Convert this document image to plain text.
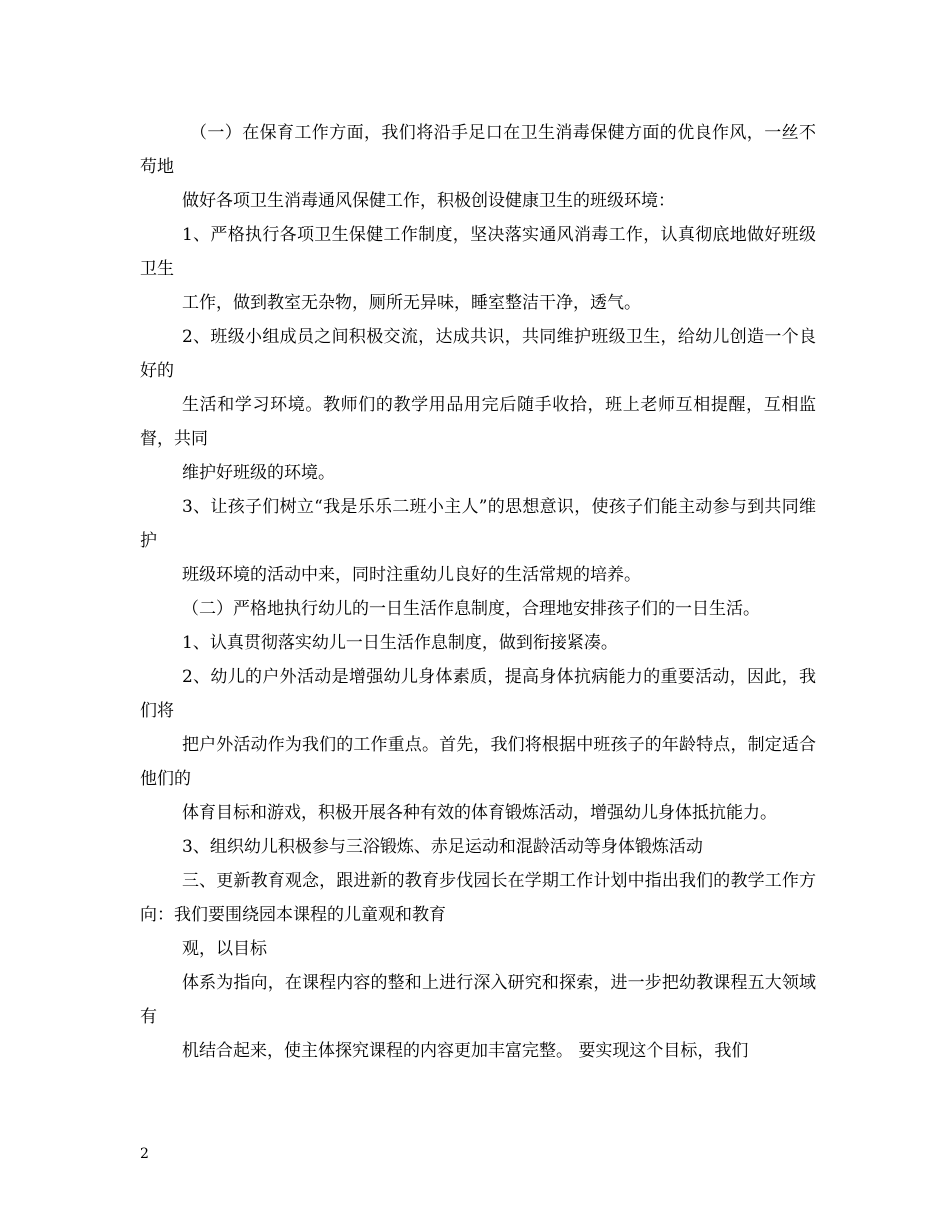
（一）在保育工作方面，我们将沿手足口在卫生消毒保健方面的优良作风，一丝不苟地

做好各项卫生消毒通风保健工作，积极创设健康卫生的班级环境：

1、严格执行各项卫生保健工作制度，坚决落实通风消毒工作，认真彻底地做好班级卫生

工作，做到教室无杂物，厕所无异味，睡室整洁干净，透气。

2、班级小组成员之间积极交流，达成共识，共同维护班级卫生，给幼儿创造一个良好的

生活和学习环境。教师们的教学用品用完后随手收拾，班上老师互相提醒，互相监督，共同

维护好班级的环境。

3、让孩子们树立“我是乐乐二班小主人”的思想意识，使孩子们能主动参与到共同维护

班级环境的活动中来，同时注重幼儿良好的生活常规的培养。

（二）严格地执行幼儿的一日生活作息制度，合理地安排孩子们的一日生活。

1、认真贯彻落实幼儿一日生活作息制度，做到衔接紧凑。

2、幼儿的户外活动是增强幼儿身体素质，提高身体抗病能力的重要活动，因此，我们将

把户外活动作为我们的工作重点。首先，我们将根据中班孩子的年龄特点，制定适合他们的

体育目标和游戏，积极开展各种有效的体育锻炼活动，增强幼儿身体抵抗能力。

3、组织幼儿积极参与三浴锻炼、赤足运动和混龄活动等身体锻炼活动

三、更新教育观念，跟进新的教育步伐园长在学期工作计划中指出我们的教学工作方向：我们要围绕园本课程的儿童观和教育

观，以目标

体系为指向，在课程内容的整和上进行深入研究和探索，进一步把幼教课程五大领域有

机结合起来，使主体探究课程的内容更加丰富完整。 要实现这个目标，我们

2
